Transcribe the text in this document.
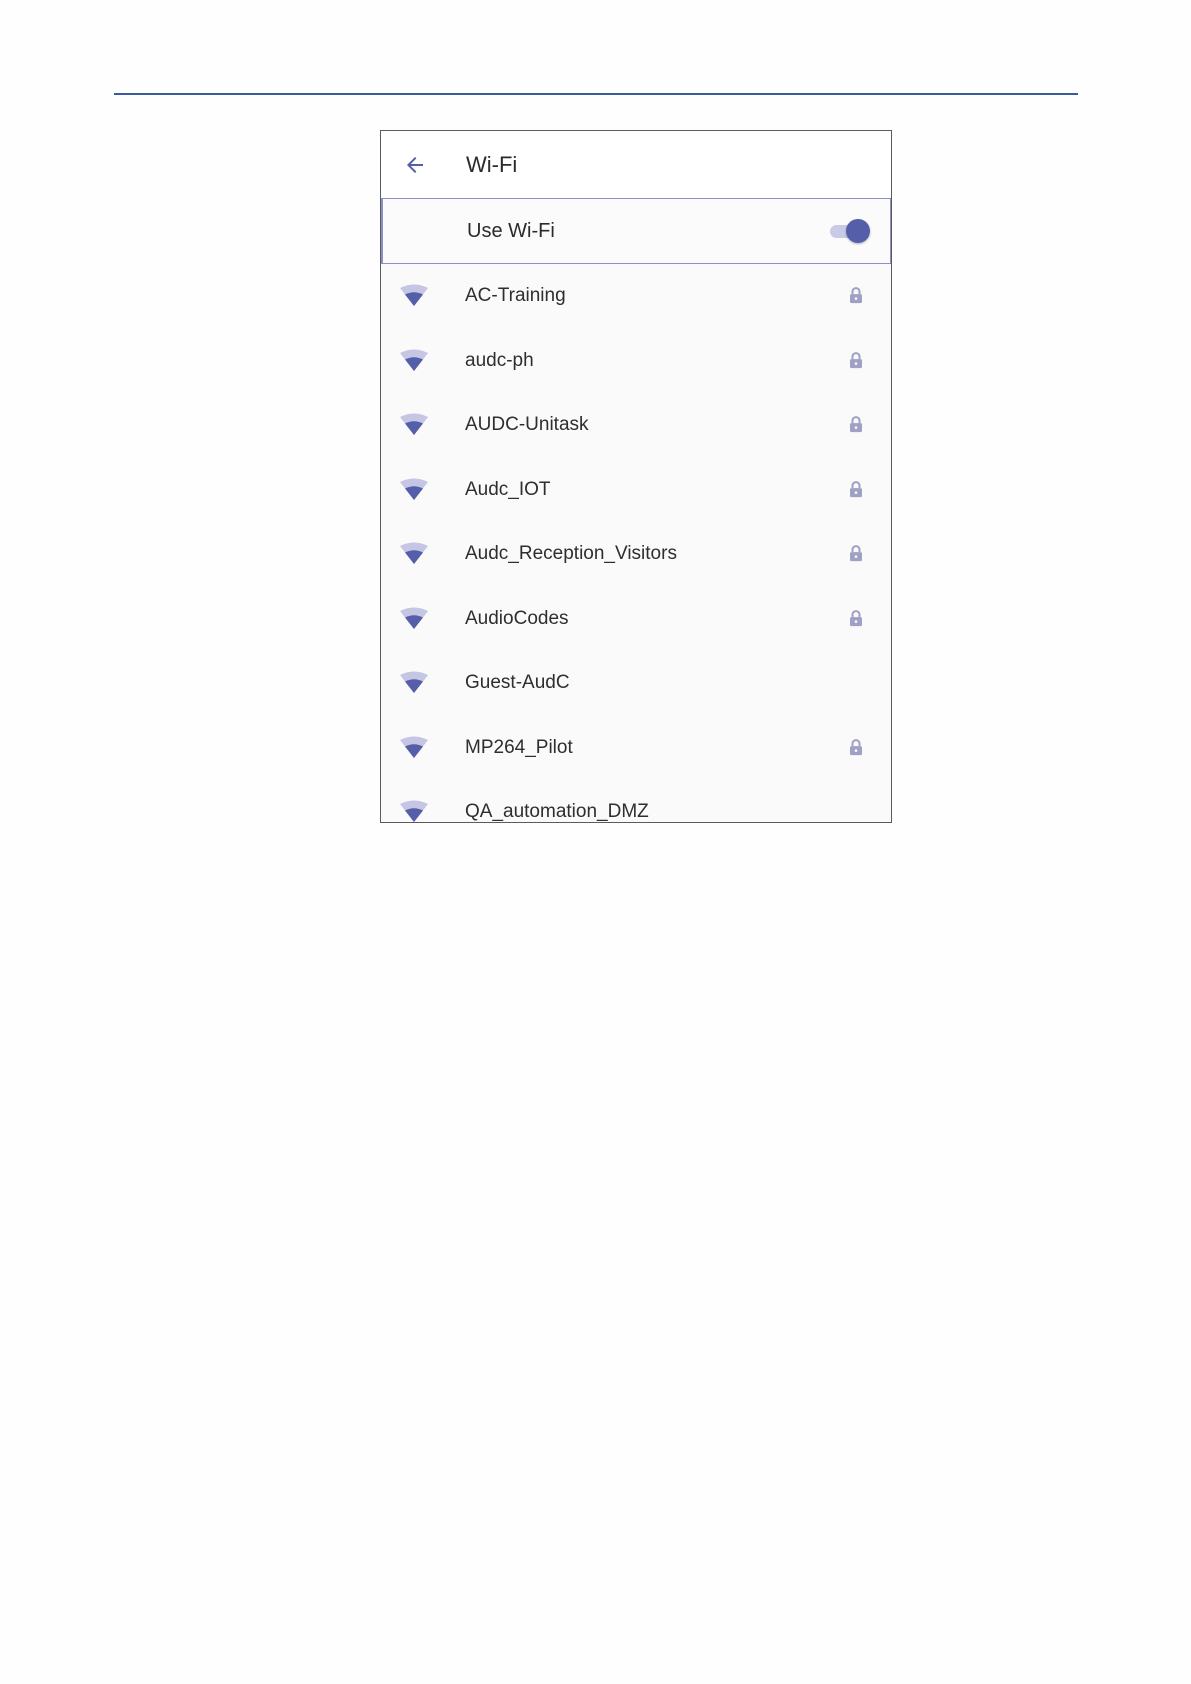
Wi-Fi
Use Wi-Fi
AC-Training
audc-ph
AUDC-Unitask
Audc_IOT
Audc_Reception_Visitors
AudioCodes
Guest-AudC
MP264_Pilot
QA_automation_DMZ
